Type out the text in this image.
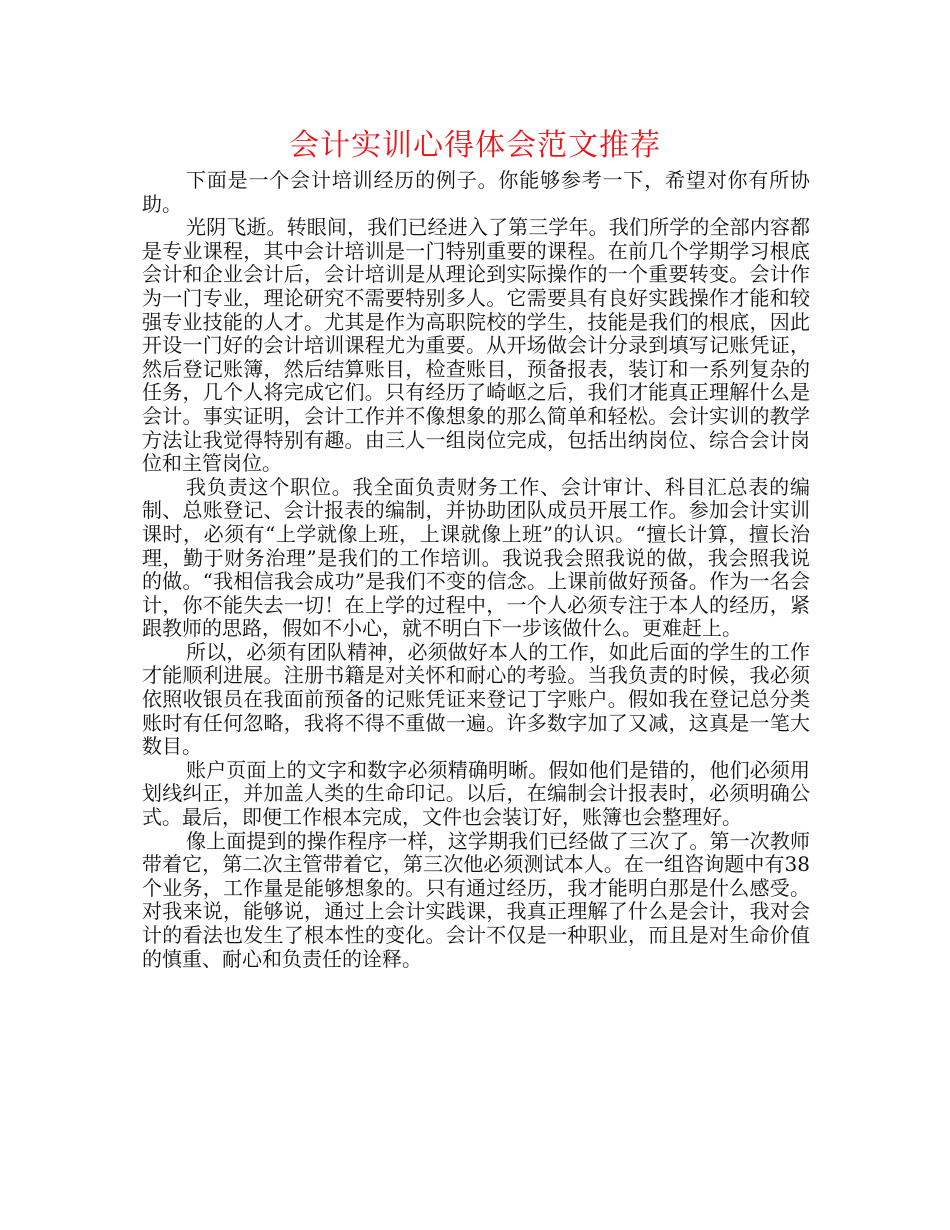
会计实训心得体会范文推荐

下面是一个会计培训经历的例子。你能够参考一下，希望对你有所协助。

光阴飞逝。转眼间，我们已经进入了第三学年。我们所学的全部内容都是专业课程，其中会计培训是一门特别重要的课程。在前几个学期学习根底会计和企业会计后，会计培训是从理论到实际操作的一个重要转变。会计作为一门专业，理论研究不需要特别多人。它需要具有良好实践操作才能和较强专业技能的人才。尤其是作为高职院校的学生，技能是我们的根底，因此开设一门好的会计培训课程尤为重要。从开场做会计分录到填写记账凭证，然后登记账簿，然后结算账目，检查账目，预备报表，装订和一系列复杂的任务，几个人将完成它们。只有经历了崎岖之后，我们才能真正理解什么是会计。事实证明，会计工作并不像想象的那么简单和轻松。会计实训的教学方法让我觉得特别有趣。由三人一组岗位完成，包括出纳岗位、综合会计岗位和主管岗位。

我负责这个职位。我全面负责财务工作、会计审计、科目汇总表的编制、总账登记、会计报表的编制，并协助团队成员开展工作。参加会计实训课时，必须有“上学就像上班，上课就像上班”的认识。“擅长计算，擅长治理，勤于财务治理”是我们的工作培训。我说我会照我说的做，我会照我说的做。“我相信我会成功”是我们不变的信念。上课前做好预备。作为一名会计，你不能失去一切！在上学的过程中，一个人必须专注于本人的经历，紧跟教师的思路，假如不小心，就不明白下一步该做什么。更难赶上。

所以，必须有团队精神，必须做好本人的工作，如此后面的学生的工作才能顺利进展。注册书籍是对关怀和耐心的考验。当我负责的时候，我必须依照收银员在我面前预备的记账凭证来登记丁字账户。假如我在登记总分类账时有任何忽略，我将不得不重做一遍。许多数字加了又减，这真是一笔大数目。

账户页面上的文字和数字必须精确明晰。假如他们是错的，他们必须用划线纠正，并加盖人类的生命印记。以后，在编制会计报表时，必须明确公式。最后，即便工作根本完成，文件也会装订好，账簿也会整理好。

像上面提到的操作程序一样，这学期我们已经做了三次了。第一次教师带着它，第二次主管带着它，第三次他必须测试本人。在一组咨询题中有38个业务，工作量是能够想象的。只有通过经历，我才能明白那是什么感受。对我来说，能够说，通过上会计实践课，我真正理解了什么是会计，我对会计的看法也发生了根本性的变化。会计不仅是一种职业，而且是对生命价值的慎重、耐心和负责任的诠释。
